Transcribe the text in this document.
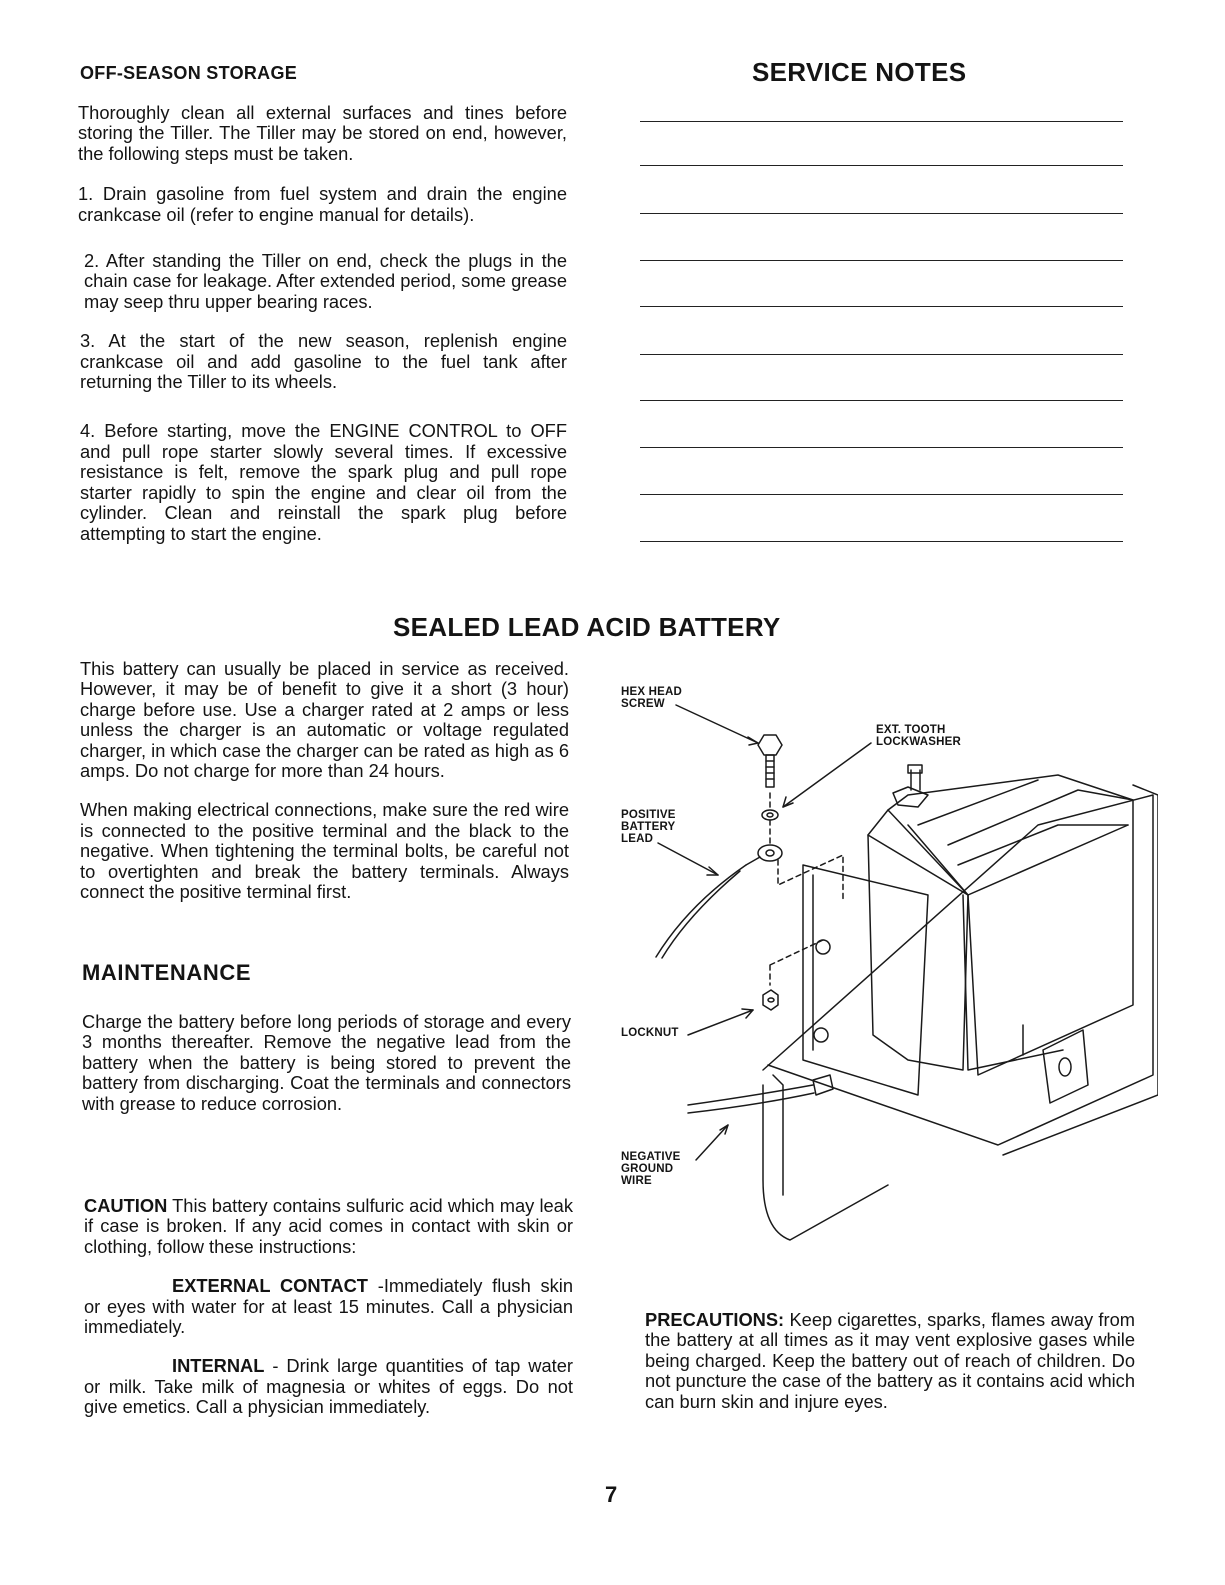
OFF-SEASON STORAGE

Thoroughly clean all external surfaces and tines before storing the Tiller. The Tiller may be stored on end, however, the following steps must be taken.

1. Drain gasoline from fuel system and drain the engine crankcase oil (refer to engine manual for details).

2. After standing the Tiller on end, check the plugs in the chain case for leakage. After extended period, some grease may seep thru upper bearing races.

3. At the start of the new season, replenish engine crankcase oil and add gasoline to the fuel tank after returning the Tiller to its wheels.

4. Before starting, move the ENGINE CONTROL to OFF and pull rope starter slowly several times. If excessive resistance is felt, remove the spark plug and pull rope starter rapidly to spin the engine and clear oil from the cylinder. Clean and reinstall the spark plug before attempting to start the engine.

SERVICE NOTES
SEALED LEAD ACID BATTERY

This battery can usually be placed in service as received. However, it may be of benefit to give it a short (3 hour) charge before use. Use a charger rated at 2 amps or less unless the charger is an automatic or voltage regulated charger, in which case the charger can be rated as high as 6 amps. Do not charge for more than 24 hours.

When making electrical connections, make sure the red wire is connected to the positive terminal and the black to the negative. When tightening the terminal bolts, be careful not to overtighten and break the battery terminals. Always connect the positive terminal first.

MAINTENANCE

Charge the battery before long periods of storage and every 3 months thereafter. Remove the negative lead from the battery when the battery is being stored to prevent the battery from discharging. Coat the terminals and connectors with grease to reduce corrosion.

CAUTION This battery contains sulfuric acid which may leak if case is broken. If any acid comes in contact with skin or clothing, follow these instructions:

EXTERNAL CONTACT -Immediately flush skin or eyes with water for at least 15 minutes. Call a physician immediately.

INTERNAL - Drink large quantities of tap water or milk. Take milk of magnesia or whites of eggs. Do not give emetics. Call a physician immediately.

HEX HEAD
SCREW
EXT. TOOTH
LOCKWASHER
POSITIVE
BATTERY
LEAD
LOCKNUT
NEGATIVE
GROUND
WIRE

PRECAUTIONS: Keep cigarettes, sparks, flames away from the battery at all times as it may vent explosive gases while being charged. Keep the battery out of reach of children. Do not puncture the case of the battery as it contains acid which can burn skin and injure eyes.

7
